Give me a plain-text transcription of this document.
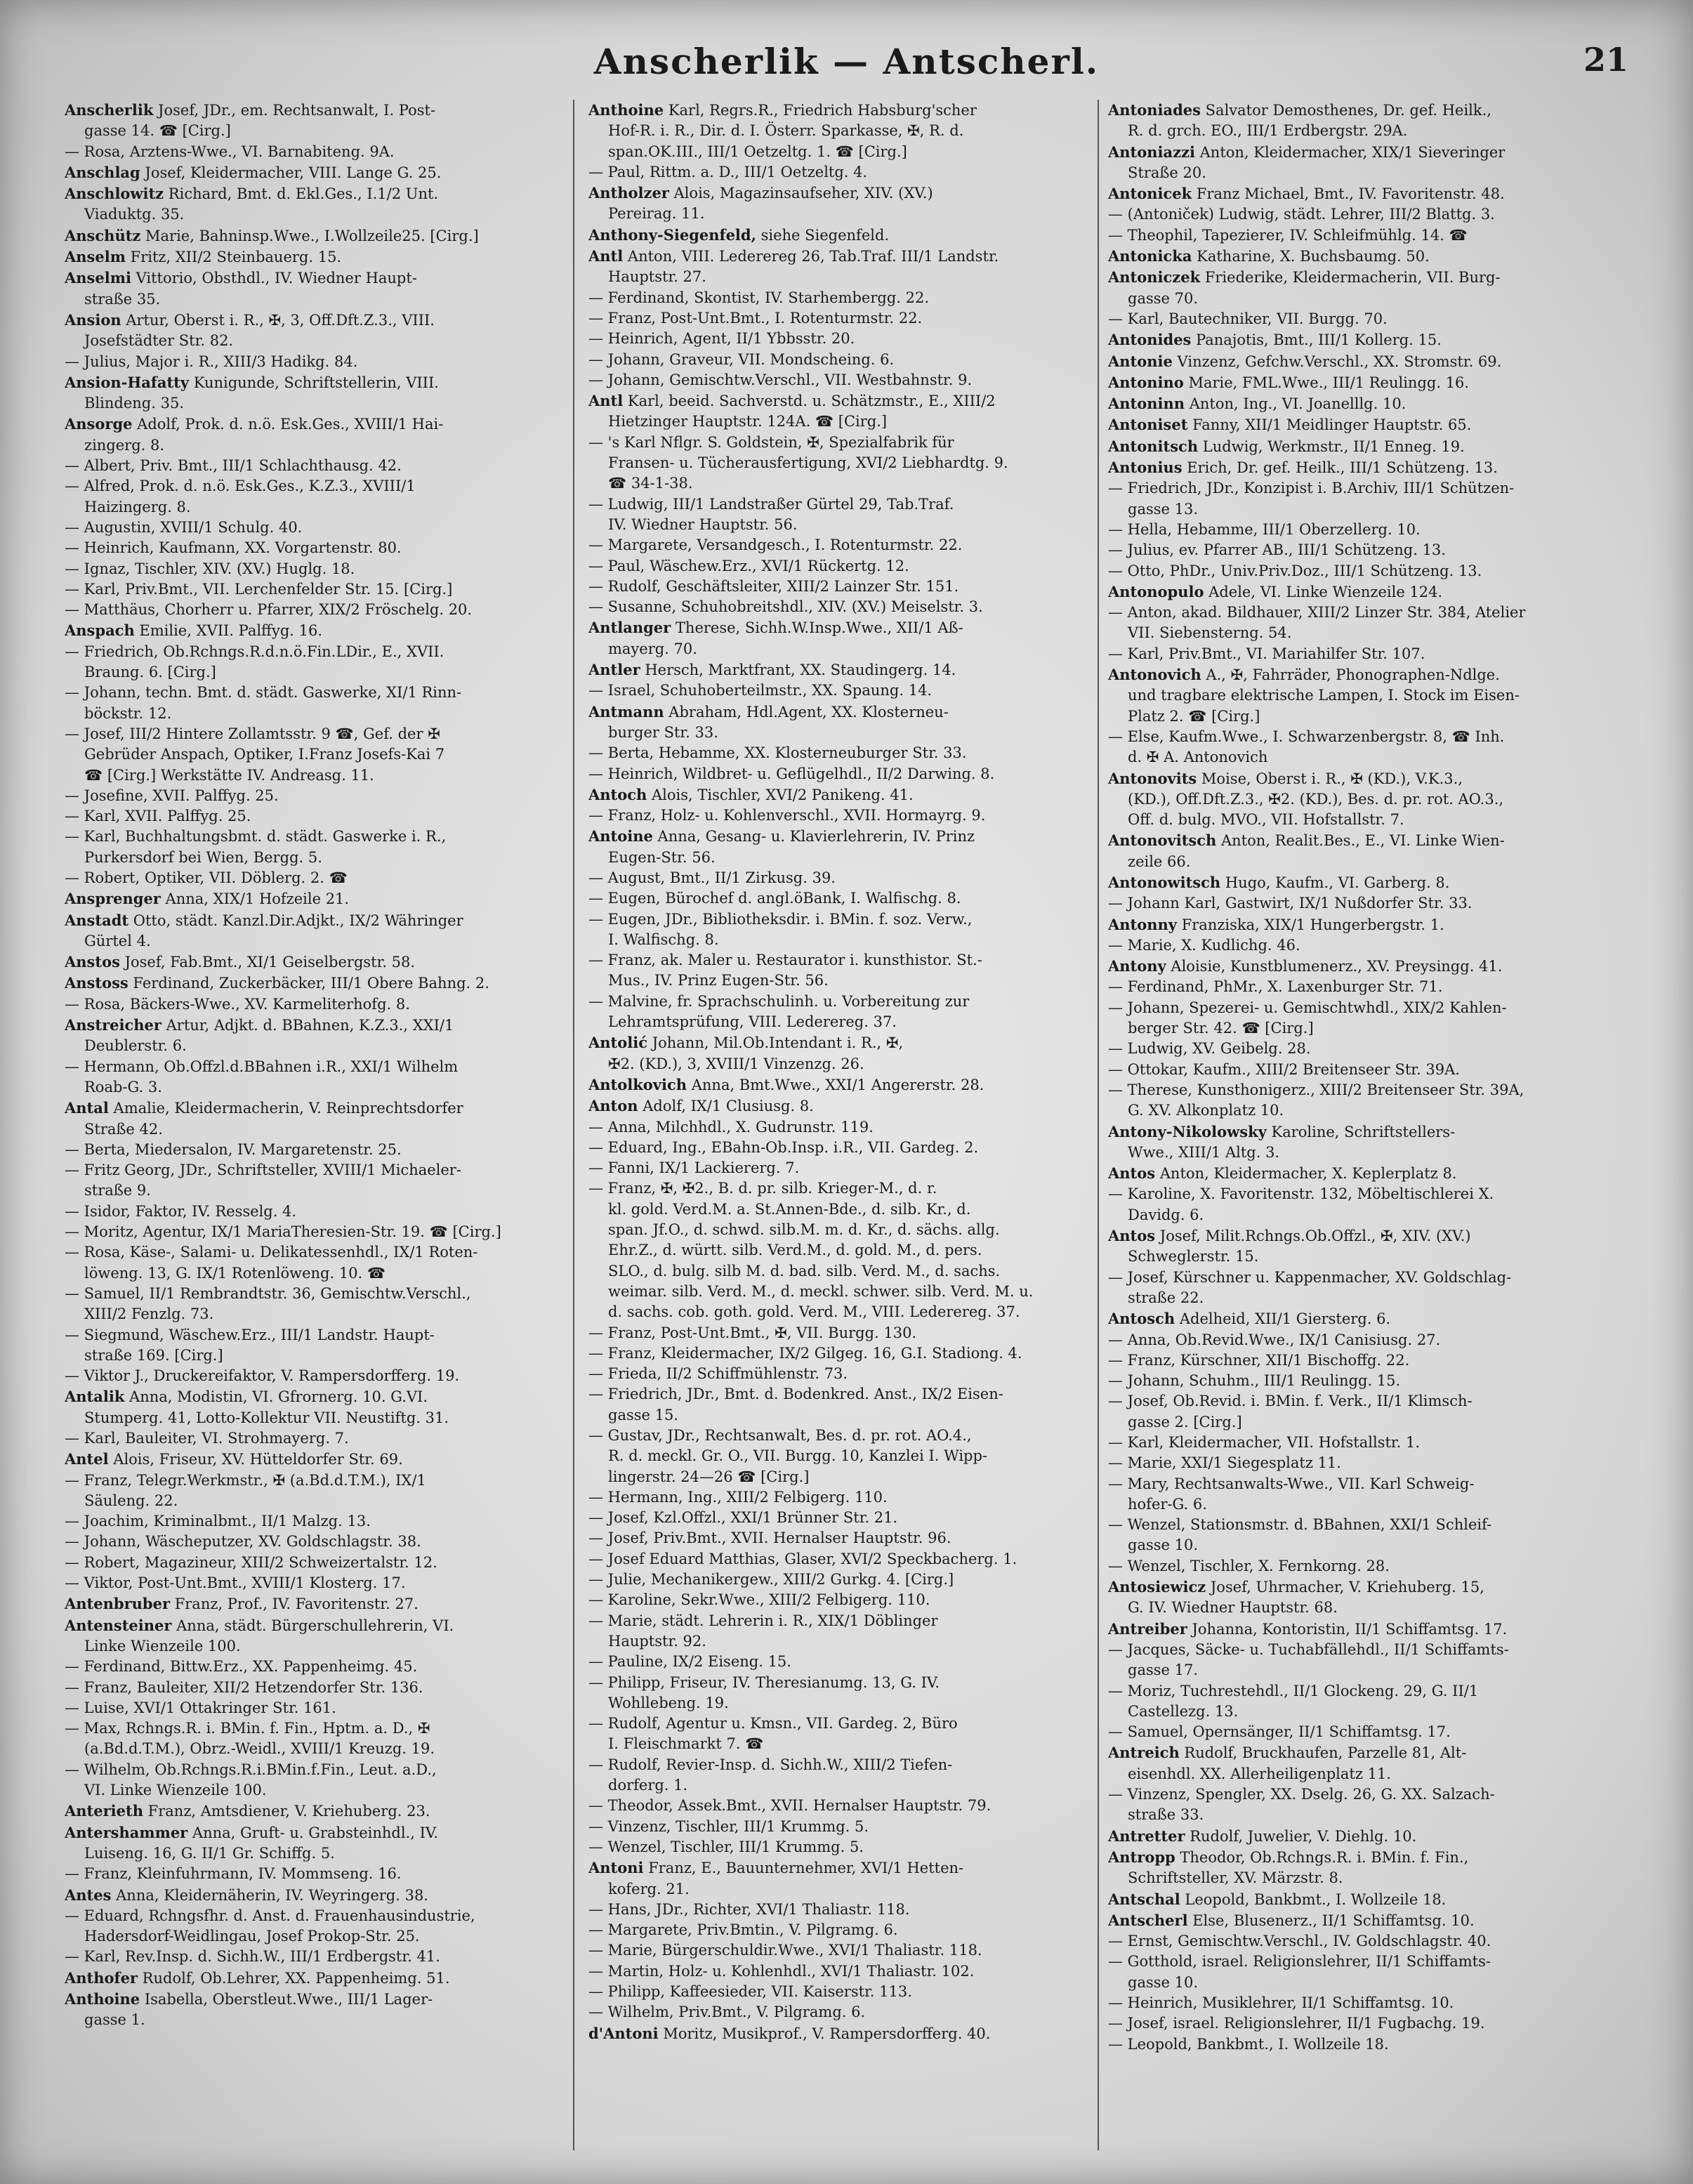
Anscherlik — Antscherl.	21
Anscherlik Josef, JDr., em. Rechtsanwalt, I. Post-
gasse 14. ☎ [Cirg.]
— Rosa, Arztens-Wwe., VI. Barnabiteng. 9A.
Anschlag Josef, Kleidermacher, VIII. Lange G. 25.
Anschlowitz Richard, Bmt. d. Ekl.Ges., I.1/2 Unt.
Viaduktg. 35.
Anschütz Marie, Bahninsp.Wwe., I.Wollzeile25. [Cirg.]
Anselm Fritz, XII/2 Steinbauerg. 15.
Anselmi Vittorio, Obsthdl., IV. Wiedner Haupt-
straße 35.
Ansion Artur, Oberst i. R., ✠, 3, Off.Dft.Z.3., VIII.
Josefstädter Str. 82.
— Julius, Major i. R., XIII/3 Hadikg. 84.
Ansion-Hafatty Kunigunde, Schriftstellerin, VIII.
Blindeng. 35.
Ansorge Adolf, Prok. d. n.ö. Esk.Ges., XVIII/1 Hai-
zingerg. 8.
— Albert, Priv. Bmt., III/1 Schlachthausg. 42.
— Alfred, Prok. d. n.ö. Esk.Ges., K.Z.3., XVIII/1
Haizingerg. 8.
— Augustin, XVIII/1 Schulg. 40.
— Heinrich, Kaufmann, XX. Vorgartenstr. 80.
— Ignaz, Tischler, XIV. (XV.) Huglg. 18.
— Karl, Priv.Bmt., VII. Lerchenfelder Str. 15. [Cirg.]
— Matthäus, Chorherr u. Pfarrer, XIX/2 Fröschelg. 20.
Anspach Emilie, XVII. Palffyg. 16.
— Friedrich, Ob.Rchngs.R.d.n.ö.Fin.LDir., E., XVII.
Braung. 6. [Cirg.]
— Johann, techn. Bmt. d. städt. Gaswerke, XI/1 Rinn-
böckstr. 12.
— Josef, III/2 Hintere Zollamtsstr. 9 ☎, Gef. der ✠
Gebrüder Anspach, Optiker, I.Franz Josefs-Kai 7
☎ [Cirg.] Werkstätte IV. Andreasg. 11.
— Josefine, XVII. Palffyg. 25.
— Karl, XVII. Palffyg. 25.
— Karl, Buchhaltungsbmt. d. städt. Gaswerke i. R.,
Purkersdorf bei Wien, Bergg. 5.
— Robert, Optiker, VII. Döblerg. 2. ☎
Ansprenger Anna, XIX/1 Hofzeile 21.
Anstadt Otto, städt. Kanzl.Dir.Adjkt., IX/2 Währinger
Gürtel 4.
Anstos Josef, Fab.Bmt., XI/1 Geiselbergstr. 58.
Anstoss Ferdinand, Zuckerbäcker, III/1 Obere Bahng. 2.
— Rosa, Bäckers-Wwe., XV. Karmeliterhofg. 8.
Anstreicher Artur, Adjkt. d. BBahnen, K.Z.3., XXI/1
Deublerstr. 6.
— Hermann, Ob.Offzl.d.BBahnen i.R., XXI/1 Wilhelm
Roab-G. 3.
Antal Amalie, Kleidermacherin, V. Reinprechtsdorfer
Straße 42.
— Berta, Miedersalon, IV. Margaretenstr. 25.
— Fritz Georg, JDr., Schriftsteller, XVIII/1 Michaeler-
straße 9.
— Isidor, Faktor, IV. Resselg. 4.
— Moritz, Agentur, IX/1 MariaTheresien-Str. 19. ☎ [Cirg.]
— Rosa, Käse-, Salami- u. Delikatessenhdl., IX/1 Roten-
löweng. 13, G. IX/1 Rotenlöweng. 10. ☎
— Samuel, II/1 Rembrandtstr. 36, Gemischtw.Verschl.,
XIII/2 Fenzlg. 73.
— Siegmund, Wäschew.Erz., III/1 Landstr. Haupt-
straße 169. [Cirg.]
— Viktor J., Druckereifaktor, V. Rampersdorfferg. 19.
Antalik Anna, Modistin, VI. Gfrornerg. 10. G.VI.
Stumperg. 41, Lotto-Kollektur VII. Neustiftg. 31.
— Karl, Bauleiter, VI. Strohmayerg. 7.
Antel Alois, Friseur, XV. Hütteldorfer Str. 69.
— Franz, Telegr.Werkmstr., ✠ (a.Bd.d.T.M.), IX/1
Säuleng. 22.
— Joachim, Kriminalbmt., II/1 Malzg. 13.
— Johann, Wäscheputzer, XV. Goldschlagstr. 38.
— Robert, Magazineur, XIII/2 Schweizertalstr. 12.
— Viktor, Post-Unt.Bmt., XVIII/1 Klosterg. 17.
Antenbruber Franz, Prof., IV. Favoritenstr. 27.
Antensteiner Anna, städt. Bürgerschullehrerin, VI.
Linke Wienzeile 100.
— Ferdinand, Bittw.Erz., XX. Pappenheimg. 45.
— Franz, Bauleiter, XII/2 Hetzendorfer Str. 136.
— Luise, XVI/1 Ottakringer Str. 161.
— Max, Rchngs.R. i. BMin. f. Fin., Hptm. a. D., ✠
(a.Bd.d.T.M.), Obrz.-Weidl., XVIII/1 Kreuzg. 19.
— Wilhelm, Ob.Rchngs.R.i.BMin.f.Fin., Leut. a.D.,
VI. Linke Wienzeile 100.
Anterieth Franz, Amtsdiener, V. Kriehuberg. 23.
Antershammer Anna, Gruft- u. Grabsteinhdl., IV.
Luiseng. 16, G. II/1 Gr. Schiffg. 5.
— Franz, Kleinfuhrmann, IV. Mommseng. 16.
Antes Anna, Kleidernäherin, IV. Weyringerg. 38.
— Eduard, Rchngsfhr. d. Anst. d. Frauenhausindustrie,
Hadersdorf-Weidlingau, Josef Prokop-Str. 25.
— Karl, Rev.Insp. d. Sichh.W., III/1 Erdbergstr. 41.
Anthofer Rudolf, Ob.Lehrer, XX. Pappenheimg. 51.
Anthoine Isabella, Oberstleut.Wwe., III/1 Lager-
gasse 1.
Anthoine Karl, Regrs.R., Friedrich Habsburg'scher
Hof-R. i. R., Dir. d. I. Österr. Sparkasse, ✠, R. d.
span.OK.III., III/1 Oetzeltg. 1. ☎ [Cirg.]
— Paul, Rittm. a. D., III/1 Oetzeltg. 4.
Antholzer Alois, Magazinsaufseher, XIV. (XV.)
Pereirag. 11.
Anthony-Siegenfeld, siehe Siegenfeld.
Antl Anton, VIII. Lederereg 26, Tab.Traf. III/1 Landstr.
Hauptstr. 27.
— Ferdinand, Skontist, IV. Starhembergg. 22.
— Franz, Post-Unt.Bmt., I. Rotenturmstr. 22.
— Heinrich, Agent, II/1 Ybbsstr. 20.
— Johann, Graveur, VII. Mondscheing. 6.
— Johann, Gemischtw.Verschl., VII. Westbahnstr. 9.
Antl Karl, beeid. Sachverstd. u. Schätzmstr., E., XIII/2
Hietzinger Hauptstr. 124A. ☎ [Cirg.]
— 's Karl Nflgr. S. Goldstein, ✠, Spezialfabrik für
Fransen- u. Tücherausfertigung, XVI/2 Liebhardtg. 9.
☎ 34-1-38.
— Ludwig, III/1 Landstraßer Gürtel 29, Tab.Traf.
IV. Wiedner Hauptstr. 56.
— Margarete, Versandgesch., I. Rotenturmstr. 22.
— Paul, Wäschew.Erz., XVI/1 Rückertg. 12.
— Rudolf, Geschäftsleiter, XIII/2 Lainzer Str. 151.
— Susanne, Schuhobreitshdl., XIV. (XV.) Meiselstr. 3.
Antlanger Therese, Sichh.W.Insp.Wwe., XII/1 Aß-
mayerg. 70.
Antler Hersch, Marktfrant, XX. Staudingerg. 14.
— Israel, Schuhoberteilmstr., XX. Spaung. 14.
Antmann Abraham, Hdl.Agent, XX. Klosterneu-
burger Str. 33.
— Berta, Hebamme, XX. Klosterneuburger Str. 33.
— Heinrich, Wildbret- u. Geflügelhdl., II/2 Darwing. 8.
Antoch Alois, Tischler, XVI/2 Panikeng. 41.
— Franz, Holz- u. Kohlenverschl., XVII. Hormayrg. 9.
Antoine Anna, Gesang- u. Klavierlehrerin, IV. Prinz
Eugen-Str. 56.
— August, Bmt., II/1 Zirkusg. 39.
— Eugen, Bürochef d. angl.öBank, I. Walfischg. 8.
— Eugen, JDr., Bibliotheksdir. i. BMin. f. soz. Verw.,
I. Walfischg. 8.
— Franz, ak. Maler u. Restaurator i. kunsthistor. St.-
Mus., IV. Prinz Eugen-Str. 56.
— Malvine, fr. Sprachschulinh. u. Vorbereitung zur
Lehramtsprüfung, VIII. Lederereg. 37.
Antolić Johann, Mil.Ob.Intendant i. R., ✠,
✠2. (KD.), 3, XVIII/1 Vinzenzg. 26.
Antolkovich Anna, Bmt.Wwe., XXI/1 Angererstr. 28.
Anton Adolf, IX/1 Clusiusg. 8.
— Anna, Milchhdl., X. Gudrunstr. 119.
— Eduard, Ing., EBahn-Ob.Insp. i.R., VII. Gardeg. 2.
— Fanni, IX/1 Lackiererg. 7.
— Franz, ✠, ✠2., B. d. pr. silb. Krieger-M., d. r.
kl. gold. Verd.M. a. St.Annen-Bde., d. silb. Kr., d.
span. Jf.O., d. schwd. silb.M. m. d. Kr., d. sächs. allg.
Ehr.Z., d. württ. silb. Verd.M., d. gold. M., d. pers.
SLO., d. bulg. silb M. d. bad. silb. Verd. M., d. sachs.
weimar. silb. Verd. M., d. meckl. schwer. silb. Verd. M. u.
d. sachs. cob. goth. gold. Verd. M., VIII. Lederereg. 37.
— Franz, Post-Unt.Bmt., ✠, VII. Burgg. 130.
— Franz, Kleidermacher, IX/2 Gilgeg. 16, G.I. Stadiong. 4.
— Frieda, II/2 Schiffmühlenstr. 73.
— Friedrich, JDr., Bmt. d. Bodenkred. Anst., IX/2 Eisen-
gasse 15.
— Gustav, JDr., Rechtsanwalt, Bes. d. pr. rot. AO.4.,
R. d. meckl. Gr. O., VII. Burgg. 10, Kanzlei I. Wipp-
lingerstr. 24—26 ☎ [Cirg.]
— Hermann, Ing., XIII/2 Felbigerg. 110.
— Josef, Kzl.Offzl., XXI/1 Brünner Str. 21.
— Josef, Priv.Bmt., XVII. Hernalser Hauptstr. 96.
— Josef Eduard Matthias, Glaser, XVI/2 Speckbacherg. 1.
— Julie, Mechanikergew., XIII/2 Gurkg. 4. [Cirg.]
— Karoline, Sekr.Wwe., XIII/2 Felbigerg. 110.
— Marie, städt. Lehrerin i. R., XIX/1 Döblinger
Hauptstr. 92.
— Pauline, IX/2 Eiseng. 15.
— Philipp, Friseur, IV. Theresianumg. 13, G. IV.
Wohllebeng. 19.
— Rudolf, Agentur u. Kmsn., VII. Gardeg. 2, Büro
I. Fleischmarkt 7. ☎
— Rudolf, Revier-Insp. d. Sichh.W., XIII/2 Tiefen-
dorferg. 1.
— Theodor, Assek.Bmt., XVII. Hernalser Hauptstr. 79.
— Vinzenz, Tischler, III/1 Krummg. 5.
— Wenzel, Tischler, III/1 Krummg. 5.
Antoni Franz, E., Bauunternehmer, XVI/1 Hetten-
koferg. 21.
— Hans, JDr., Richter, XVI/1 Thaliastr. 118.
— Margarete, Priv.Bmtin., V. Pilgramg. 6.
— Marie, Bürgerschuldir.Wwe., XVI/1 Thaliastr. 118.
— Martin, Holz- u. Kohlenhdl., XVI/1 Thaliastr. 102.
— Philipp, Kaffeesieder, VII. Kaiserstr. 113.
— Wilhelm, Priv.Bmt., V. Pilgramg. 6.
d'Antoni Moritz, Musikprof., V. Rampersdorfferg. 40.
Antoniades Salvator Demosthenes, Dr. gef. Heilk.,
R. d. grch. EO., III/1 Erdbergstr. 29A.
Antoniazzi Anton, Kleidermacher, XIX/1 Sieveringer
Straße 20.
Antonicek Franz Michael, Bmt., IV. Favoritenstr. 48.
— (Antoniček) Ludwig, städt. Lehrer, III/2 Blattg. 3.
— Theophil, Tapezierer, IV. Schleifmühlg. 14. ☎
Antonicka Katharine, X. Buchsbaumg. 50.
Antoniczek Friederike, Kleidermacherin, VII. Burg-
gasse 70.
— Karl, Bautechniker, VII. Burgg. 70.
Antonides Panajotis, Bmt., III/1 Kollerg. 15.
Antonie Vinzenz, Gefchw.Verschl., XX. Stromstr. 69.
Antonino Marie, FML.Wwe., III/1 Reulingg. 16.
Antoninn Anton, Ing., VI. Joanelllg. 10.
Antoniset Fanny, XII/1 Meidlinger Hauptstr. 65.
Antonitsch Ludwig, Werkmstr., II/1 Enneg. 19.
Antonius Erich, Dr. gef. Heilk., III/1 Schützeng. 13.
— Friedrich, JDr., Konzipist i. B.Archiv, III/1 Schützen-
gasse 13.
— Hella, Hebamme, III/1 Oberzellerg. 10.
— Julius, ev. Pfarrer AB., III/1 Schützeng. 13.
— Otto, PhDr., Univ.Priv.Doz., III/1 Schützeng. 13.
Antonopulo Adele, VI. Linke Wienzeile 124.
— Anton, akad. Bildhauer, XIII/2 Linzer Str. 384, Atelier
VII. Siebensterng. 54.
— Karl, Priv.Bmt., VI. Mariahilfer Str. 107.
Antonovich A., ✠, Fahrräder, Phonographen-Ndlge.
und tragbare elektrische Lampen, I. Stock im Eisen-
Platz 2. ☎ [Cirg.]
— Else, Kaufm.Wwe., I. Schwarzenbergstr. 8, ☎ Inh.
d. ✠ A. Antonovich
Antonovits Moise, Oberst i. R., ✠ (KD.), V.K.3.,
(KD.), Off.Dft.Z.3., ✠2. (KD.), Bes. d. pr. rot. AO.3.,
Off. d. bulg. MVO., VII. Hofstallstr. 7.
Antonovitsch Anton, Realit.Bes., E., VI. Linke Wien-
zeile 66.
Antonowitsch Hugo, Kaufm., VI. Garberg. 8.
— Johann Karl, Gastwirt, IX/1 Nußdorfer Str. 33.
Antonny Franziska, XIX/1 Hungerbergstr. 1.
— Marie, X. Kudlichg. 46.
Antony Aloisie, Kunstblumenerz., XV. Preysingg. 41.
— Ferdinand, PhMr., X. Laxenburger Str. 71.
— Johann, Spezerei- u. Gemischtwhdl., XIX/2 Kahlen-
berger Str. 42. ☎ [Cirg.]
— Ludwig, XV. Geibelg. 28.
— Ottokar, Kaufm., XIII/2 Breitenseer Str. 39A.
— Therese, Kunsthonigerz., XIII/2 Breitenseer Str. 39A,
G. XV. Alkonplatz 10.
Antony-Nikolowsky Karoline, Schriftstellers-
Wwe., XIII/1 Altg. 3.
Antos Anton, Kleidermacher, X. Keplerplatz 8.
— Karoline, X. Favoritenstr. 132, Möbeltischlerei X.
Davidg. 6.
Antos Josef, Milit.Rchngs.Ob.Offzl., ✠, XIV. (XV.)
Schweglerstr. 15.
— Josef, Kürschner u. Kappenmacher, XV. Goldschlag-
straße 22.
Antosch Adelheid, XII/1 Giersterg. 6.
— Anna, Ob.Revid.Wwe., IX/1 Canisiusg. 27.
— Franz, Kürschner, XII/1 Bischoffg. 22.
— Johann, Schuhm., III/1 Reulingg. 15.
— Josef, Ob.Revid. i. BMin. f. Verk., II/1 Klimsch-
gasse 2. [Cirg.]
— Karl, Kleidermacher, VII. Hofstallstr. 1.
— Marie, XXI/1 Siegesplatz 11.
— Mary, Rechtsanwalts-Wwe., VII. Karl Schweig-
hofer-G. 6.
— Wenzel, Stationsmstr. d. BBahnen, XXI/1 Schleif-
gasse 10.
— Wenzel, Tischler, X. Fernkorng. 28.
Antosiewicz Josef, Uhrmacher, V. Kriehuberg. 15,
G. IV. Wiedner Hauptstr. 68.
Antreiber Johanna, Kontoristin, II/1 Schiffamtsg. 17.
— Jacques, Säcke- u. Tuchabfällehdl., II/1 Schiffamts-
gasse 17.
— Moriz, Tuchrestehdl., II/1 Glockeng. 29, G. II/1
Castellezg. 13.
— Samuel, Opernsänger, II/1 Schiffamtsg. 17.
Antreich Rudolf, Bruckhaufen, Parzelle 81, Alt-
eisenhdl. XX. Allerheiligenplatz 11.
— Vinzenz, Spengler, XX. Dselg. 26, G. XX. Salzach-
straße 33.
Antretter Rudolf, Juwelier, V. Diehlg. 10.
Antropp Theodor, Ob.Rchngs.R. i. BMin. f. Fin.,
Schriftsteller, XV. Märzstr. 8.
Antschal Leopold, Bankbmt., I. Wollzeile 18.
Antscherl Else, Blusenerz., II/1 Schiffamtsg. 10.
— Ernst, Gemischtw.Verschl., IV. Goldschlagstr. 40.
— Gotthold, israel. Religionslehrer, II/1 Schiffamts-
gasse 10.
— Heinrich, Musiklehrer, II/1 Schiffamtsg. 10.
— Josef, israel. Religionslehrer, II/1 Fugbachg. 19.
— Leopold, Bankbmt., I. Wollzeile 18.
